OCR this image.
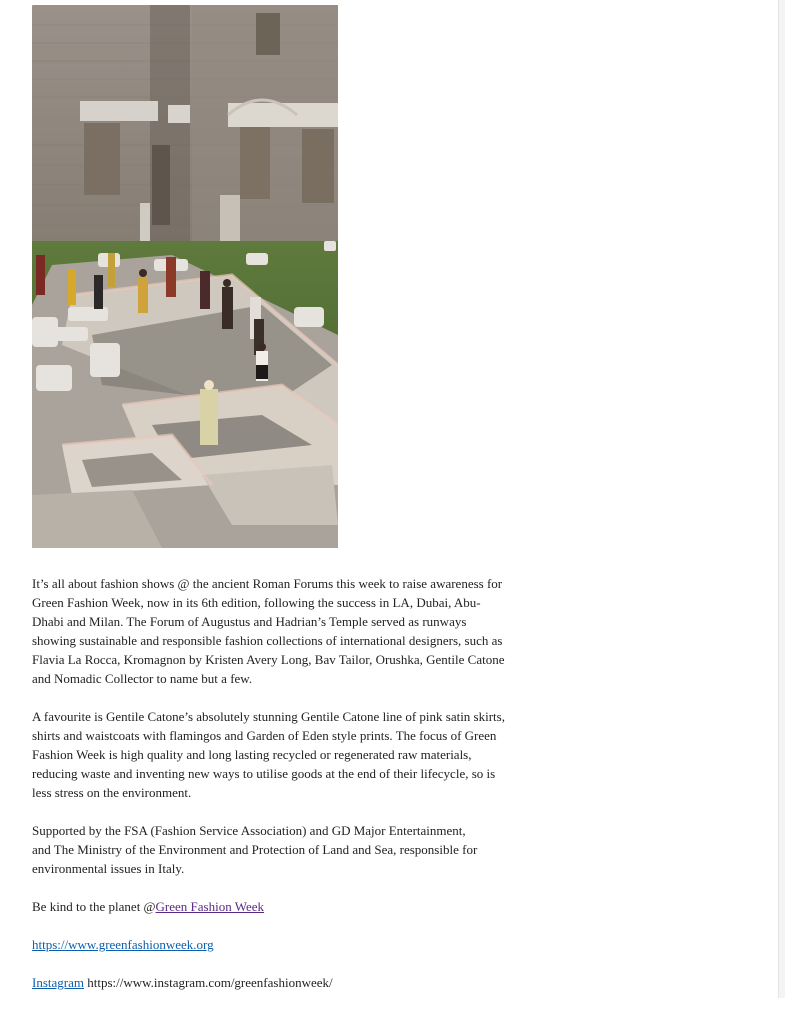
It’s all about fashion shows @ the ancient Roman Forums this week to raise awareness for
Green Fashion Week, now in its 6th edition, following the success in LA, Dubai, Abu-
Dhabi and Milan. The Forum of Augustus and Hadrian’s Temple served as runways
showing sustainable and responsible fashion collections of international designers, such as
Flavia La Rocca, Kromagnon by Kristen Avery Long, Bav Tailor, Orushka, Gentile Catone
and Nomadic Collector to name but a few.

A favourite is Gentile Catone’s absolutely stunning Gentile Catone line of pink satin skirts,
shirts and waistcoats with flamingos and Garden of Eden style prints. The focus of Green
Fashion Week is high quality and long lasting recycled or regenerated raw materials,
reducing waste and inventing new ways to utilise goods at the end of their lifecycle, so is
less stress on the environment.

Supported by the FSA (Fashion Service Association) and GD Major Entertainment,
and The Ministry of the Environment and Protection of Land and Sea, responsible for
environmental issues in Italy.

Be kind to the planet @Green Fashion Week

https://www.greenfashionweek.org

Instagram https://www.instagram.com/greenfashionweek/
